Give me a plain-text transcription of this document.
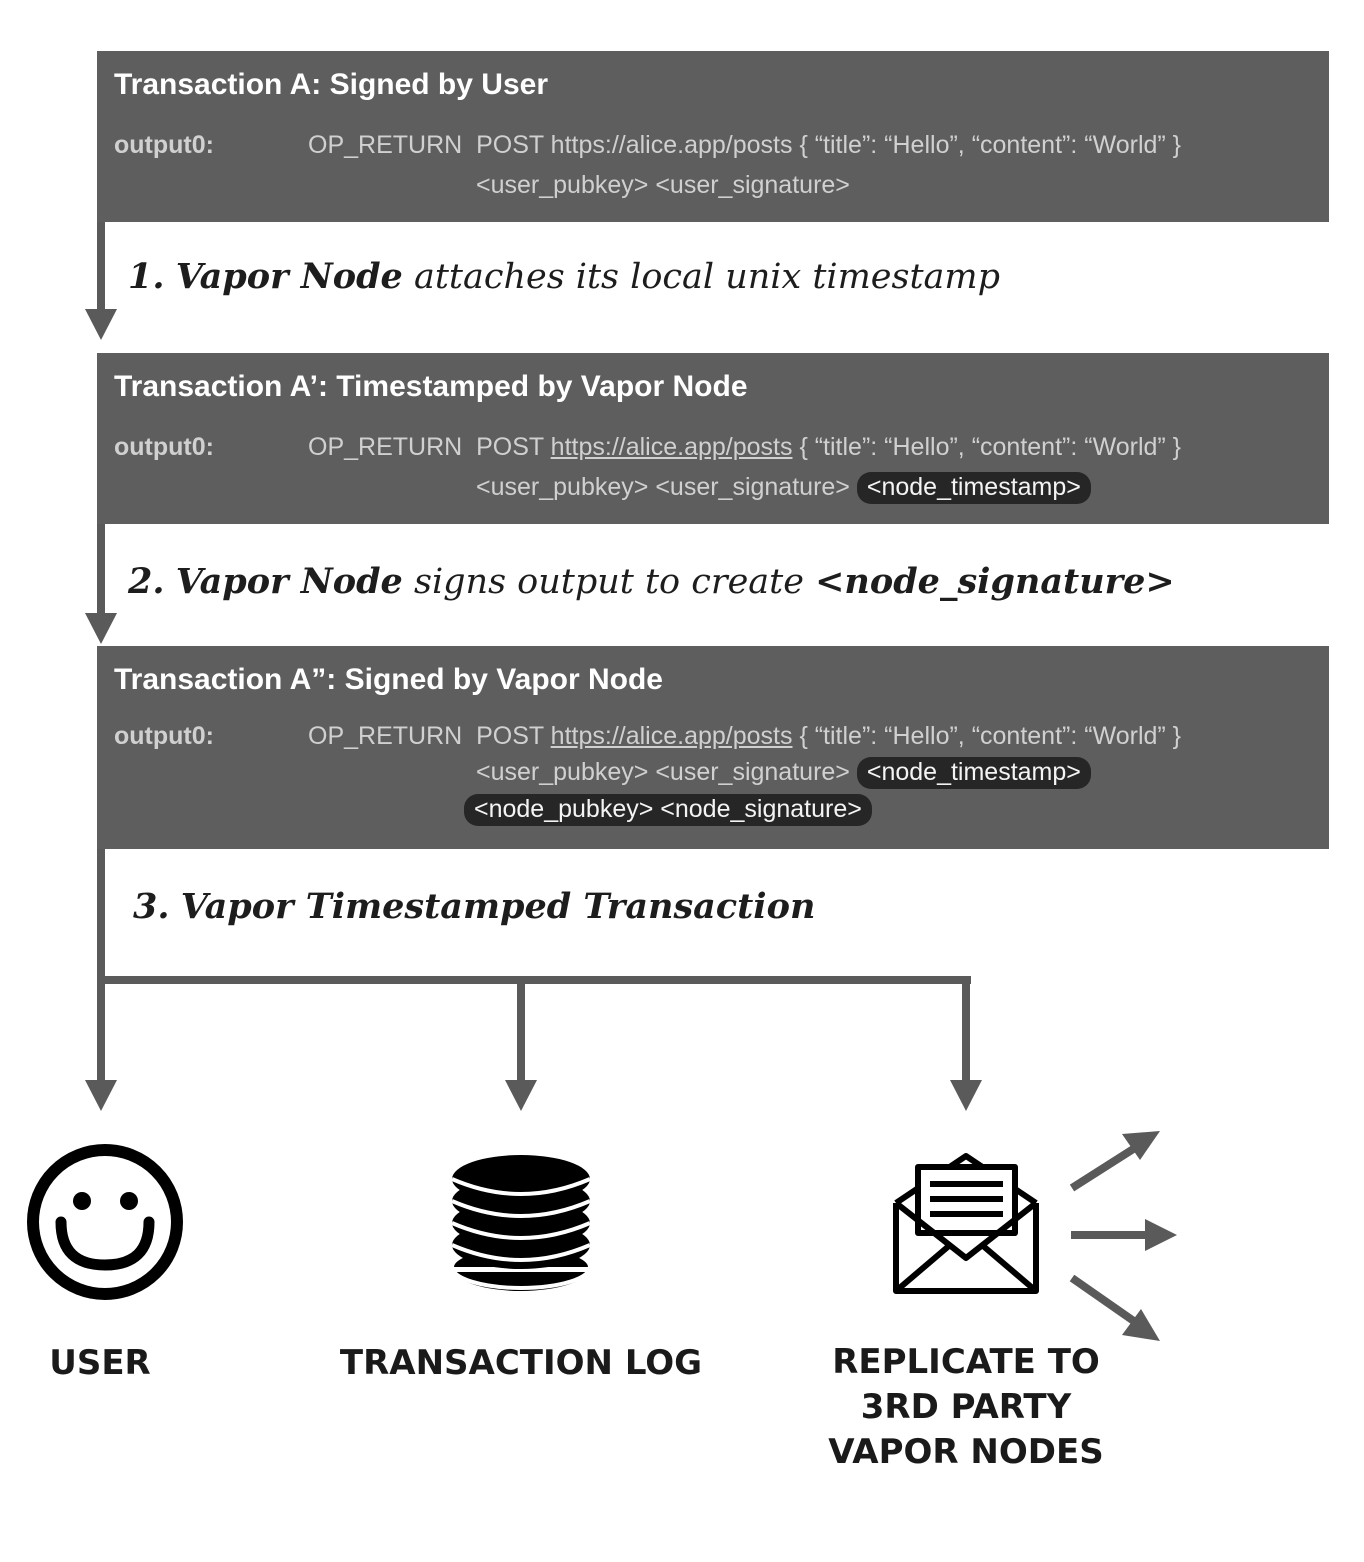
Transaction A: Signed by User
output0:	OP_RETURN POST https://alice.app/posts { “title”: “Hello”, “content”: “World” }
<user_pubkey> <user_signature>
Transaction A’: Timestamped by Vapor Node
output0:	OP_RETURN POST https://alice.app/posts { “title”: “Hello”, “content”: “World” }
<user_pubkey> <user_signature> <node_timestamp>
Transaction A”: Signed by Vapor Node
output0:	OP_RETURN POST https://alice.app/posts { “title”: “Hello”, “content”: “World” }
<user_pubkey> <user_signature> <node_timestamp>
<node_pubkey> <node_signature>
1. Vapor Node attaches its local unix timestamp
2. Vapor Node signs output to create <node_signature>
3. Vapor Timestamped Transaction
USER	TRANSACTION LOG	REPLICATE TO
3RD PARTY
VAPOR NODES
